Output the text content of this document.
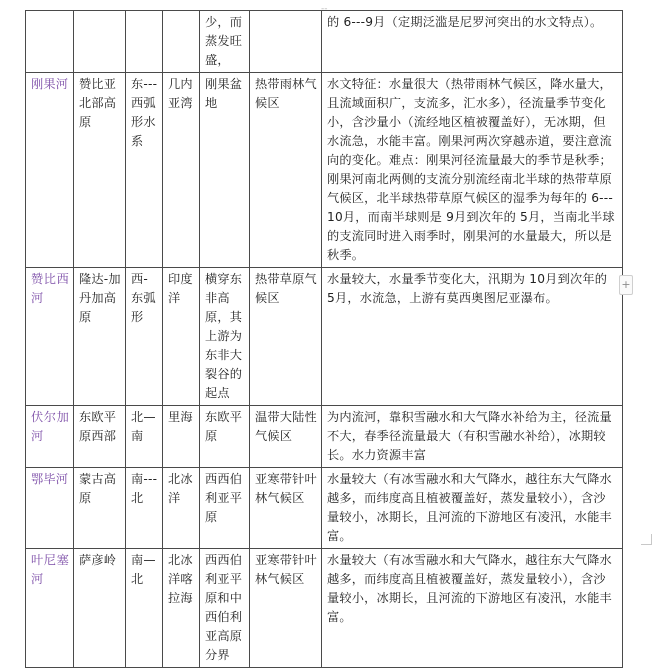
--
				少，而蒸发旺盛，		的 6---9月（定期泛滥是尼罗河突出的水文特点）。
刚果河	赞比亚北部高原	东---西弧形水系	几内亚湾	刚果盆地	热带雨林气候区	水文特征：水量很大（热带雨林气候区，降水量大，且流域面积广，支流多，汇水多），径流量季节变化小，含沙量小（流经地区植被覆盖好），无冰期，但水流急，水能丰富。刚果河两次穿越赤道，要注意流向的变化。难点：刚果河径流量最大的季节是秋季；刚果河南北两侧的支流分别流经南北半球的热带草原气候区，北半球热带草原气候区的湿季为每年的 6---10月，而南半球则是 9月到次年的 5月，当南北半球的支流同时进入雨季时，刚果河的水量最大，所以是秋季。
赞比西河	隆达-加丹加高原	西-东弧形	印度洋	横穿东非高原，其上游为东非大裂谷的起点	热带草原气候区	水量较大，水量季节变化大，汛期为 10月到次年的 5月，水流急，上游有莫西奥图尼亚瀑布。
伏尔加河	东欧平原西部	北—南	里海	东欧平原	温带大陆性气候区	为内流河，靠积雪融水和大气降水补给为主，径流量不大，春季径流量最大（有积雪融水补给），冰期较长。水力资源丰富
鄂毕河	蒙古高原	南---北	北冰洋	西西伯利亚平原	亚寒带针叶林气候区	水量较大（有冰雪融水和大气降水，越往东大气降水越多，而纬度高且植被覆盖好，蒸发量较小），含沙量较小，冰期长，且河流的下游地区有凌汛，水能丰富。
叶尼塞河	萨彦岭	南—北	北冰洋喀拉海	西西伯利亚平原和中西伯利亚高原分界	亚寒带针叶林气候区	水量较大（有冰雪融水和大气降水，越往东大气降水越多，而纬度高且植被覆盖好，蒸发量较小），含沙量较小，冰期长，且河流的下游地区有凌汛，水能丰富。
+
